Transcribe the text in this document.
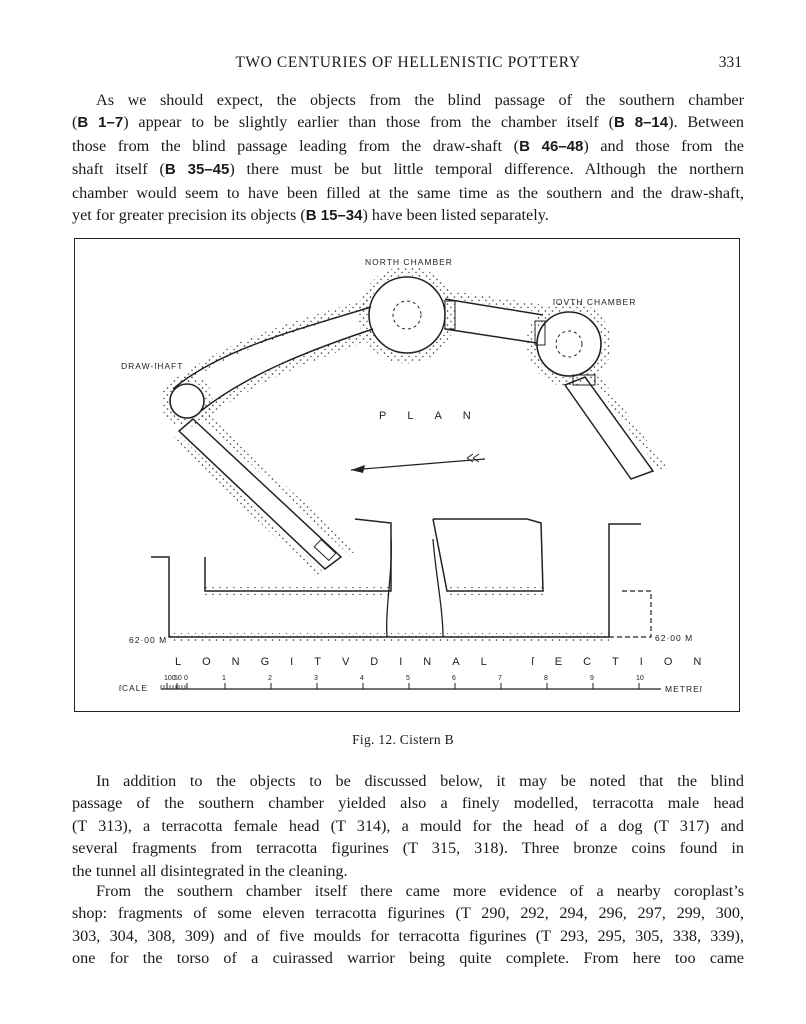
TWO CENTURIES OF HELLENISTIC POTTERY	331

As we should expect, the objects from the blind passage of the southern chamber
(B 1–7) appear to be slightly earlier than those from the chamber itself (B 8–14). Between
those from the blind passage leading from the draw-shaft (B 46–48) and those from the
shaft itself (B 35–45) there must be but little temporal difference. Although the northern
chamber would seem to have been filled at the same time as the southern and the draw-shaft,
yet for greater precision its objects (B 15–34) have been listed separately.

NORTH CHAMBER
ſOVTH CHAMBER
DRAW-ſHAFT
PLAN
62·00 M	62·00 M
LONGITVDINAL ſECTION
ſCALE
100
50 0	1	2	3	4	5	6	7	8	9	10
METREſ
Fig. 12. Cistern B

In addition to the objects to be discussed below, it may be noted that the blind
passage of the southern chamber yielded also a finely modelled, terracotta male head
(T 313), a terracotta female head (T 314), a mould for the head of a dog (T 317) and
several fragments from terracotta figurines (T 315, 318). Three bronze coins found in
the tunnel all disintegrated in the cleaning.

From the southern chamber itself there came more evidence of a nearby coroplast’s
shop: fragments of some eleven terracotta figurines (T 290, 292, 294, 296, 297, 299, 300,
303, 304, 308, 309) and of five moulds for terracotta figurines (T 293, 295, 305, 338, 339),
one for the torso of a cuirassed warrior being quite complete. From here too came
